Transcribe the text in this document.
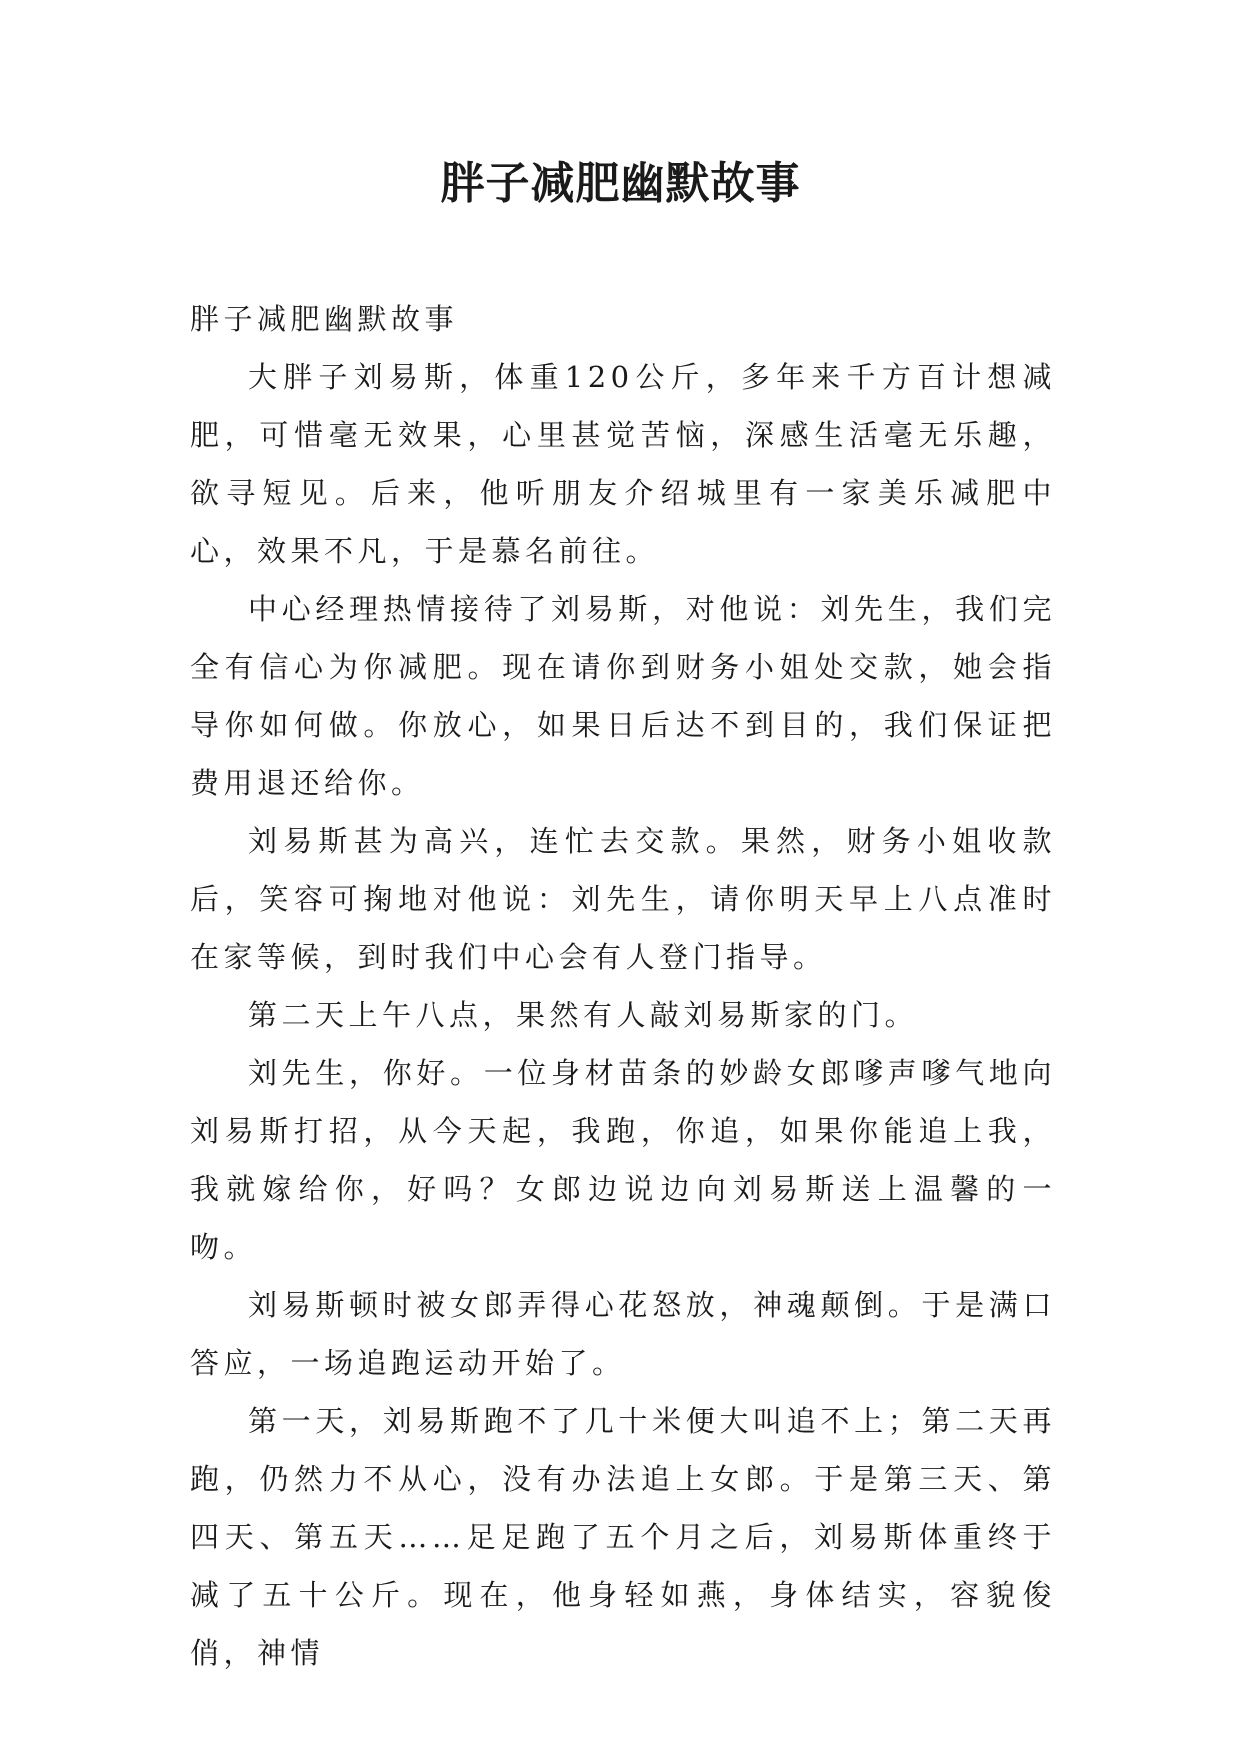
胖子减肥幽默故事

胖子减肥幽默故事

大胖子刘易斯，体重120公斤，多年来千方百计想减肥，可惜毫无效果，心里甚觉苦恼，深感生活毫无乐趣，欲寻短见。后来，他听朋友介绍城里有一家美乐减肥中心，效果不凡，于是慕名前往。

中心经理热情接待了刘易斯，对他说：刘先生，我们完全有信心为你减肥。现在请你到财务小姐处交款，她会指导你如何做。你放心，如果日后达不到目的，我们保证把费用退还给你。

刘易斯甚为高兴，连忙去交款。果然，财务小姐收款后，笑容可掬地对他说：刘先生，请你明天早上八点准时在家等候，到时我们中心会有人登门指导。

第二天上午八点，果然有人敲刘易斯家的门。

刘先生，你好。一位身材苗条的妙龄女郎嗲声嗲气地向刘易斯打招，从今天起，我跑，你追，如果你能追上我，我就嫁给你，好吗？女郎边说边向刘易斯送上温馨的一吻。

刘易斯顿时被女郎弄得心花怒放，神魂颠倒。于是满口答应，一场追跑运动开始了。

第一天，刘易斯跑不了几十米便大叫追不上；第二天再跑，仍然力不从心，没有办法追上女郎。于是第三天、第四天、第五天……足足跑了五个月之后，刘易斯体重终于减了五十公斤。现在，他身轻如燕，身体结实，容貌俊俏，神情
